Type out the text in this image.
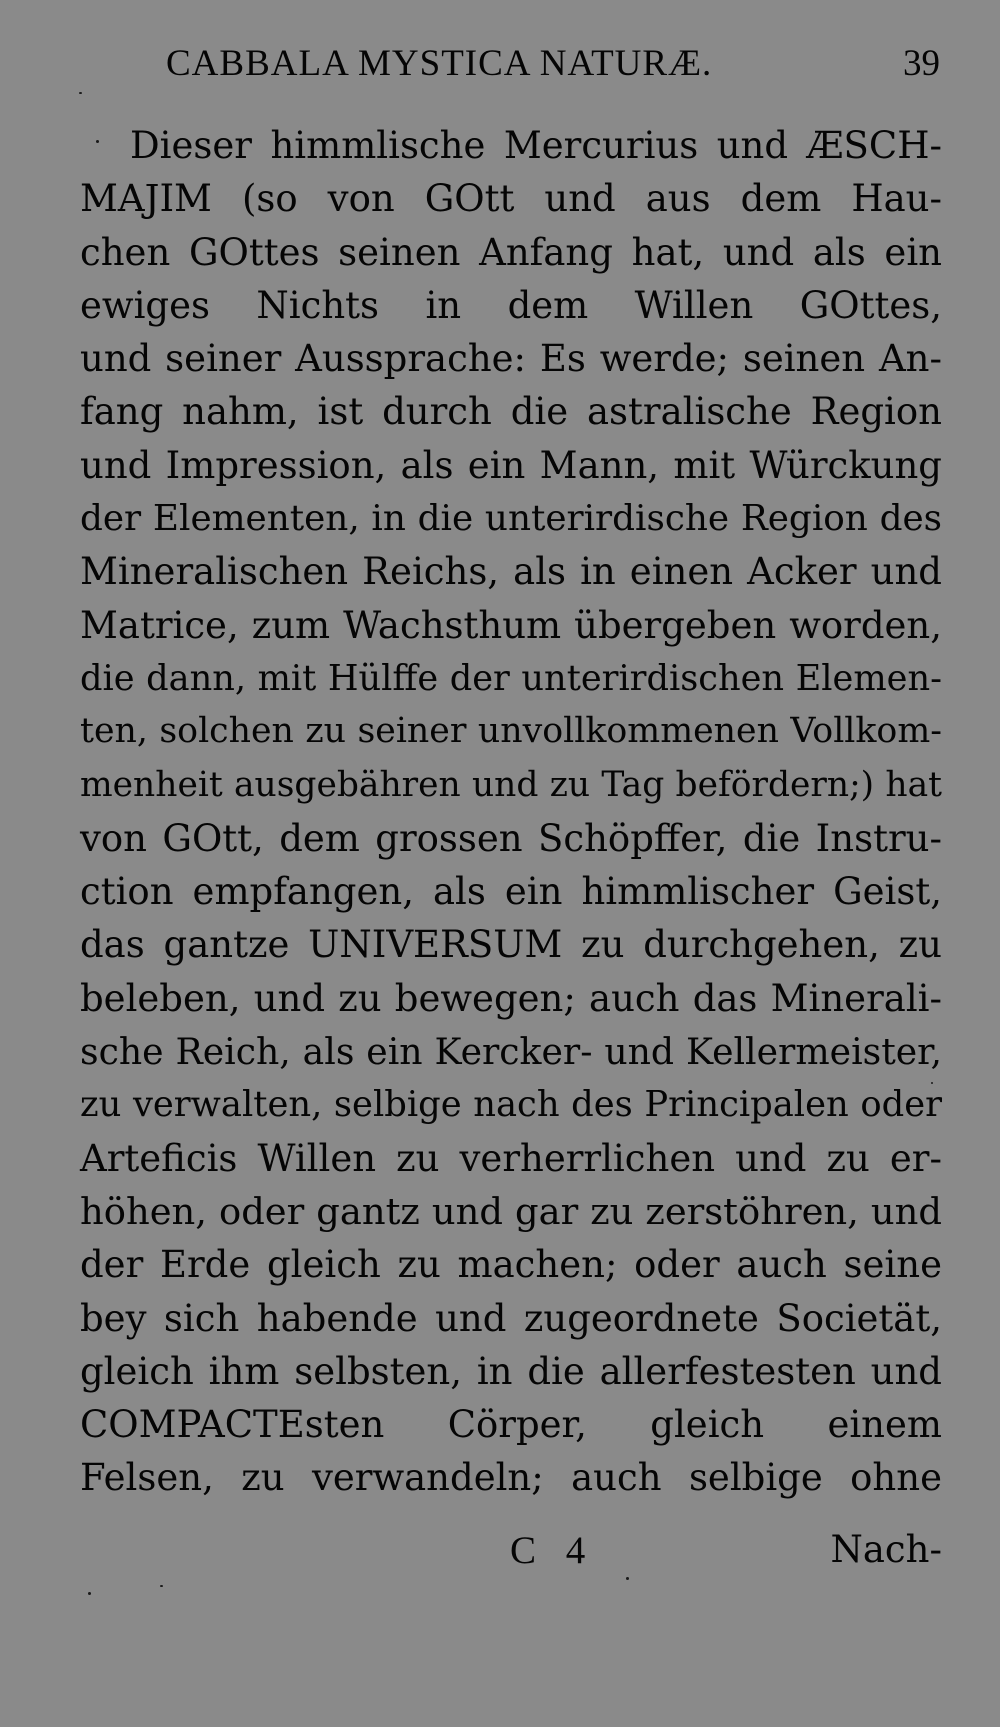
CABBALA MYSTICA NATURÆ.	39
Dieser himmlische Mercurius und ÆSCH-
MAJIM (so von GOtt und aus dem Hau-
chen GOttes seinen Anfang hat, und als ein
ewiges Nichts in dem Willen GOttes,
und seiner Aussprache: Es werde; seinen An-
fang nahm, ist durch die astralische Region
und Impression, als ein Mann, mit Würckung
der Elementen, in die unterirdische Region des
Mineralischen Reichs, als in einen Acker und
Matrice, zum Wachsthum übergeben worden,
die dann, mit Hülffe der unterirdischen Elemen-
ten, solchen zu seiner unvollkommenen Vollkom-
menheit ausgebähren und zu Tag befördern;) hat
von GOtt, dem grossen Schöpffer, die Instru-
ction empfangen, als ein himmlischer Geist,
das gantze UNIVERSUM zu durchgehen, zu
beleben, und zu bewegen; auch das Minerali-
sche Reich, als ein Kercker- und Kellermeister,
zu verwalten, selbige nach des Principalen oder
Arteficis Willen zu verherrlichen und zu er-
höhen, oder gantz und gar zu zerstöhren, und
der Erde gleich zu machen; oder auch seine
bey sich habende und zugeordnete Societät,
gleich ihm selbsten, in die allerfestesten und
COMPACTEsten Cörper, gleich einem
Felsen, zu verwandeln; auch selbige ohne
C 4	Nach-
